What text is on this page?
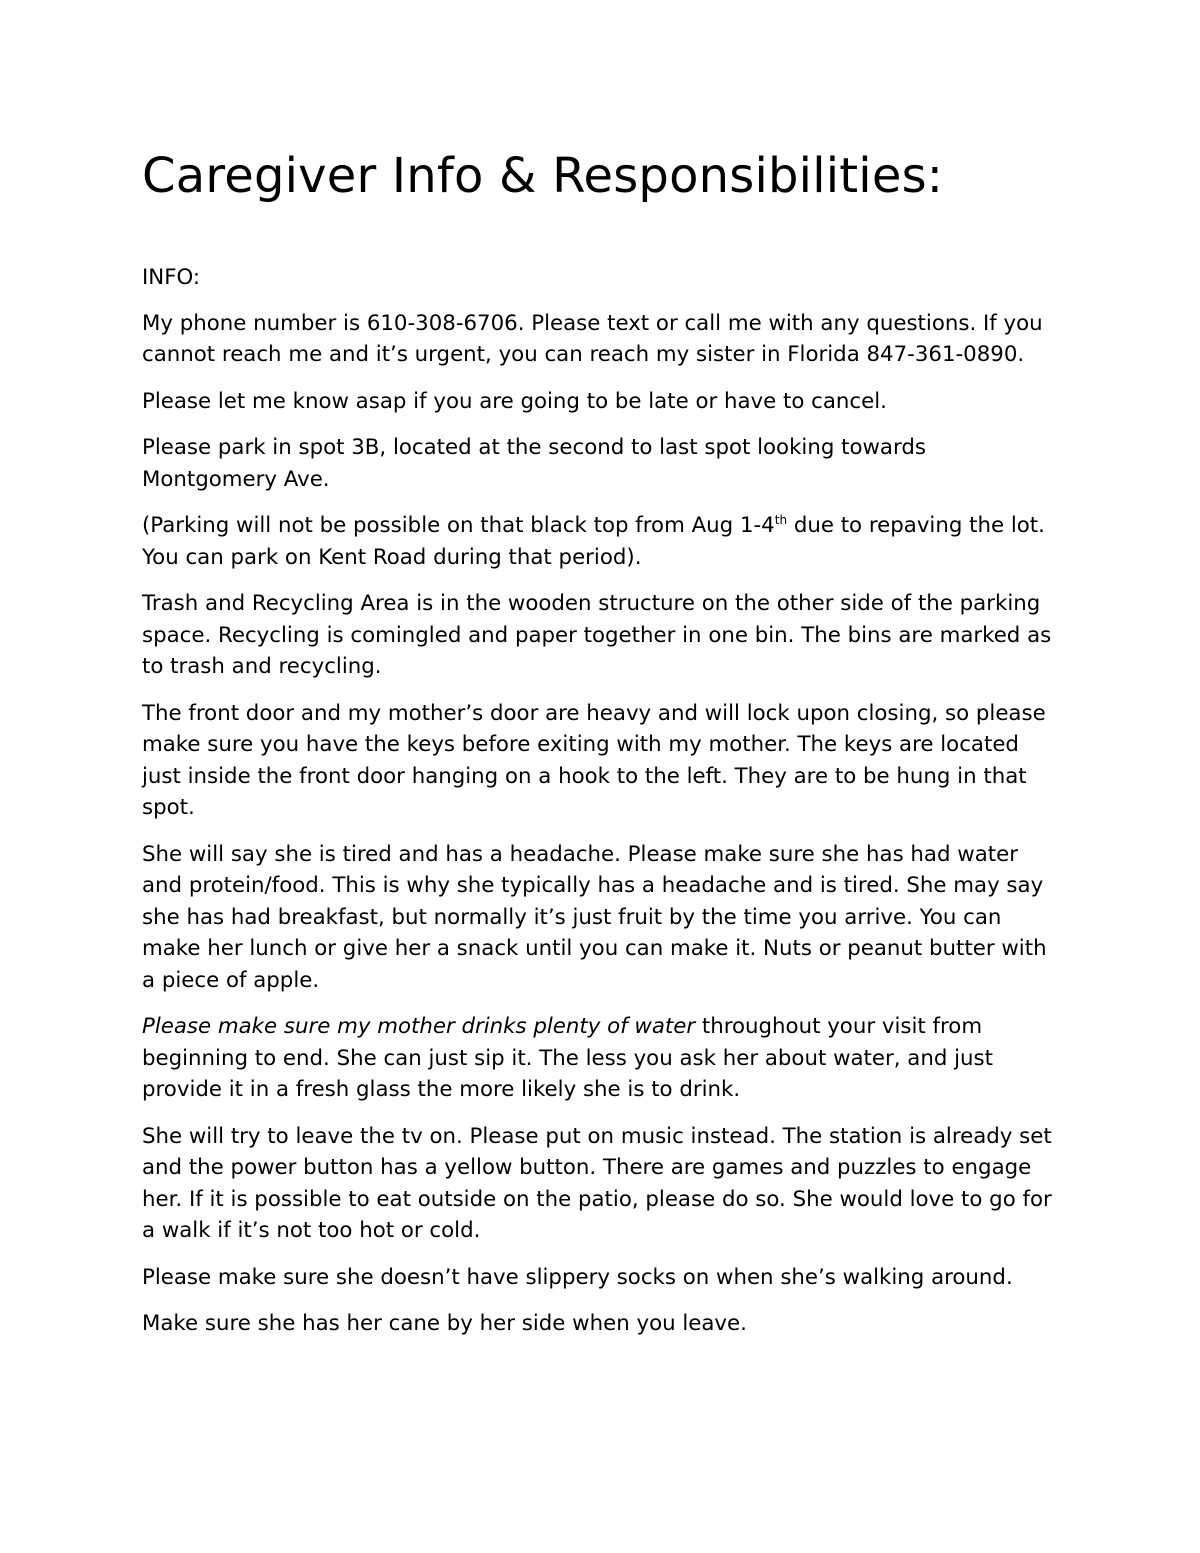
Caregiver Info & Responsibilities:

INFO:

My phone number is 610-308-6706. Please text or call me with any questions. If you cannot reach me and it’s urgent, you can reach my sister in Florida 847-361-0890.

Please let me know asap if you are going to be late or have to cancel.

Please park in spot 3B, located at the second to last spot looking towards Montgomery Ave.

(Parking will not be possible on that black top from Aug 1-4th due to repaving the lot. You can park on Kent Road during that period).

Trash and Recycling Area is in the wooden structure on the other side of the parking space. Recycling is comingled and paper together in one bin. The bins are marked as to trash and recycling.

The front door and my mother’s door are heavy and will lock upon closing, so please make sure you have the keys before exiting with my mother. The keys are located just inside the front door hanging on a hook to the left. They are to be hung in that spot.

She will say she is tired and has a headache. Please make sure she has had water and protein/food. This is why she typically has a headache and is tired. She may say she has had breakfast, but normally it’s just fruit by the time you arrive. You can make her lunch or give her a snack until you can make it. Nuts or peanut butter with a piece of apple.

Please make sure my mother drinks plenty of water throughout your visit from beginning to end. She can just sip it. The less you ask her about water, and just provide it in a fresh glass the more likely she is to drink.

She will try to leave the tv on. Please put on music instead. The station is already set and the power button has a yellow button. There are games and puzzles to engage her. If it is possible to eat outside on the patio, please do so. She would love to go for a walk if it’s not too hot or cold.

Please make sure she doesn’t have slippery socks on when she’s walking around.

Make sure she has her cane by her side when you leave.
